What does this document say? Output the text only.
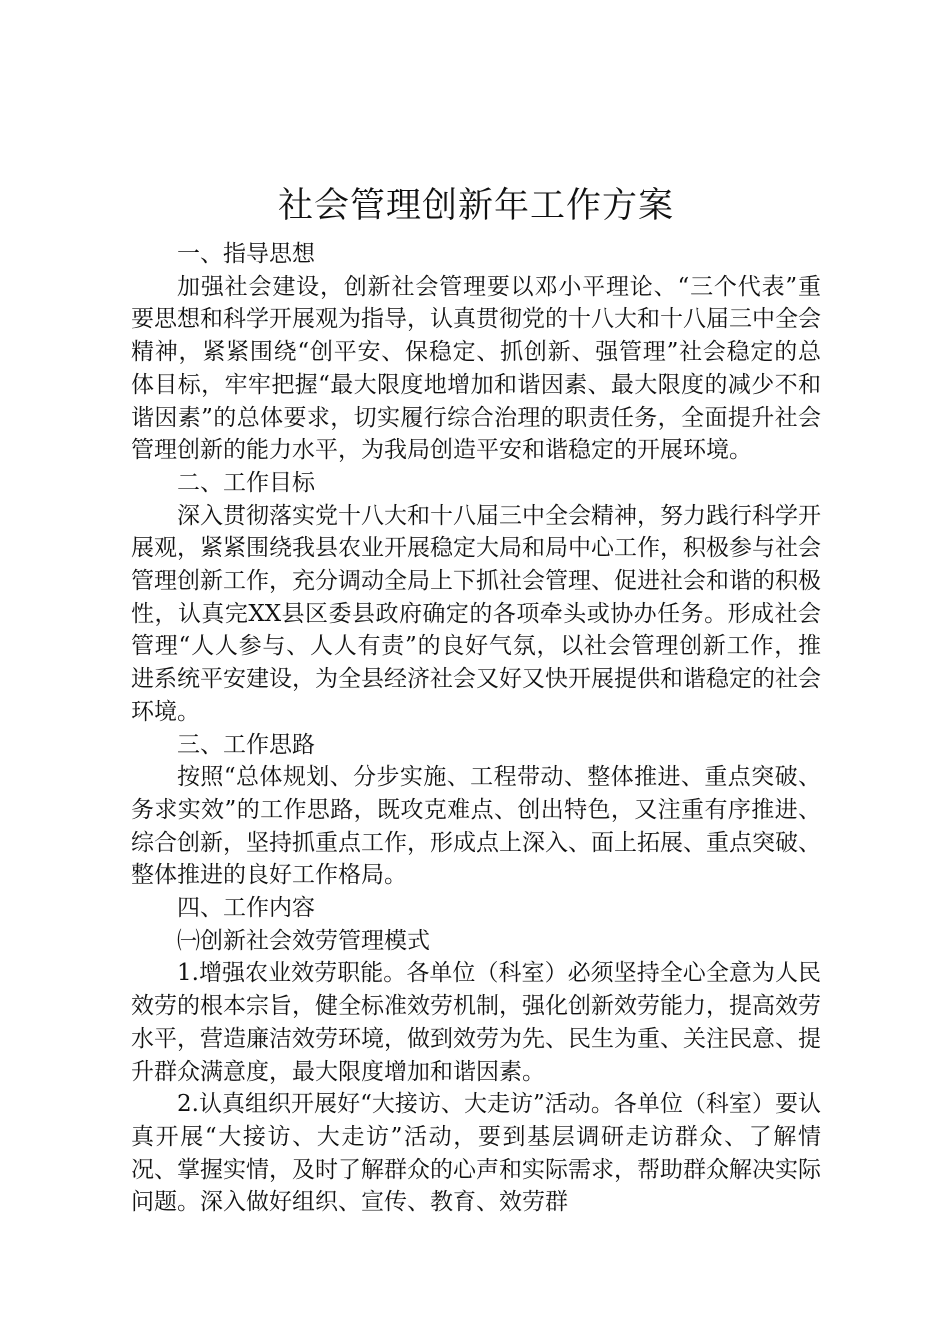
社会管理创新年工作方案

一、指导思想

加强社会建设，创新社会管理要以邓小平理论、“三个代表”重要思想和科学开展观为指导，认真贯彻党的十八大和十八届三中全会精神，紧紧围绕“创平安、保稳定、抓创新、强管理”社会稳定的总体目标，牢牢把握“最大限度地增加和谐因素、最大限度的减少不和谐因素”的总体要求，切实履行综合治理的职责任务，全面提升社会管理创新的能力水平，为我局创造平安和谐稳定的开展环境。

二、工作目标

深入贯彻落实党十八大和十八届三中全会精神，努力践行科学开展观，紧紧围绕我县农业开展稳定大局和局中心工作，积极参与社会管理创新工作，充分调动全局上下抓社会管理、促进社会和谐的积极性，认真完XX县区委县政府确定的各项牵头或协办任务。形成社会管理“人人参与、人人有责”的良好气氛，以社会管理创新工作，推进系统平安建设，为全县经济社会又好又快开展提供和谐稳定的社会环境。

三、工作思路

按照“总体规划、分步实施、工程带动、整体推进、重点突破、务求实效”的工作思路，既攻克难点、创出特色，又注重有序推进、综合创新，坚持抓重点工作，形成点上深入、面上拓展、重点突破、整体推进的良好工作格局。

四、工作内容

㈠创新社会效劳管理模式

1.增强农业效劳职能。各单位（科室）必须坚持全心全意为人民效劳的根本宗旨，健全标准效劳机制，强化创新效劳能力，提高效劳水平，营造廉洁效劳环境，做到效劳为先、民生为重、关注民意、提升群众满意度，最大限度增加和谐因素。

2.认真组织开展好“大接访、大走访”活动。各单位（科室）要认真开展“大接访、大走访”活动，要到基层调研走访群众、了解情况、掌握实情，及时了解群众的心声和实际需求，帮助群众解决实际问题。深入做好组织、宣传、教育、效劳群
